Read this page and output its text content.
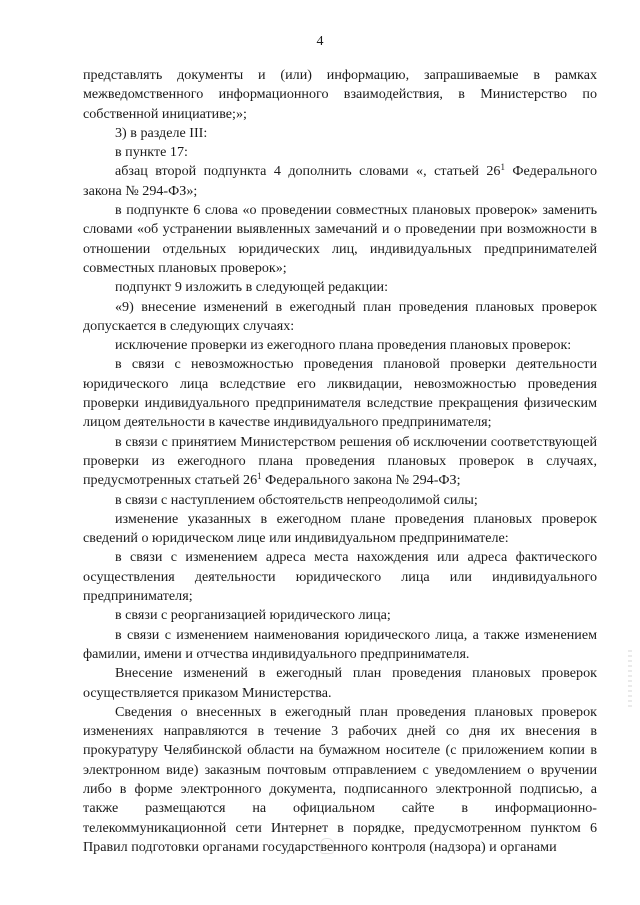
4

представлять документы и (или) информацию, запрашиваемые в рамках межведомственного информационного взаимодействия, в Министерство по собственной инициативе;»;

3) в разделе III:

в пункте 17:

абзац второй подпункта 4 дополнить словами «, статьей $26^1$ Федерального закона № 294-ФЗ»;

в подпункте 6 слова «о проведении совместных плановых проверок» заменить словами «об устранении выявленных замечаний и о проведении при возможности в отношении отдельных юридических лиц, индивидуальных предпринимателей совместных плановых проверок»;

подпункт 9 изложить в следующей редакции:

«9) внесение изменений в ежегодный план проведения плановых проверок допускается в следующих случаях:

исключение проверки из ежегодного плана проведения плановых проверок:

в связи с невозможностью проведения плановой проверки деятельности юридического лица вследствие его ликвидации, невозможностью проведения проверки индивидуального предпринимателя вследствие прекращения физическим лицом деятельности в качестве индивидуального предпринимателя;

в связи с принятием Министерством решения об исключении соответствующей проверки из ежегодного плана проведения плановых проверок в случаях, предусмотренных статьей $26^1$ Федерального закона № 294-ФЗ;

в связи с наступлением обстоятельств непреодолимой силы;

изменение указанных в ежегодном плане проведения плановых проверок сведений о юридическом лице или индивидуальном предпринимателе:

в связи с изменением адреса места нахождения или адреса фактического осуществления деятельности юридического лица или индивидуального предпринимателя;

в связи с реорганизацией юридического лица;

в связи с изменением наименования юридического лица, а также изменением фамилии, имени и отчества индивидуального предпринимателя.

Внесение изменений в ежегодный план проведения плановых проверок осуществляется приказом Министерства.

Сведения о внесенных в ежегодный план проведения плановых проверок изменениях направляются в течение 3 рабочих дней со дня их внесения в прокуратуру Челябинской области на бумажном носителе (с приложением копии в электронном виде) заказным почтовым отправлением с уведомлением о вручении либо в форме электронного документа, подписанного электронной подписью, а также размещаются на официальном сайте в информационно-телекоммуникационной сети Интернет в порядке, предусмотренном пунктом 6 Правил подготовки органами государственного контроля (надзора) и органами
